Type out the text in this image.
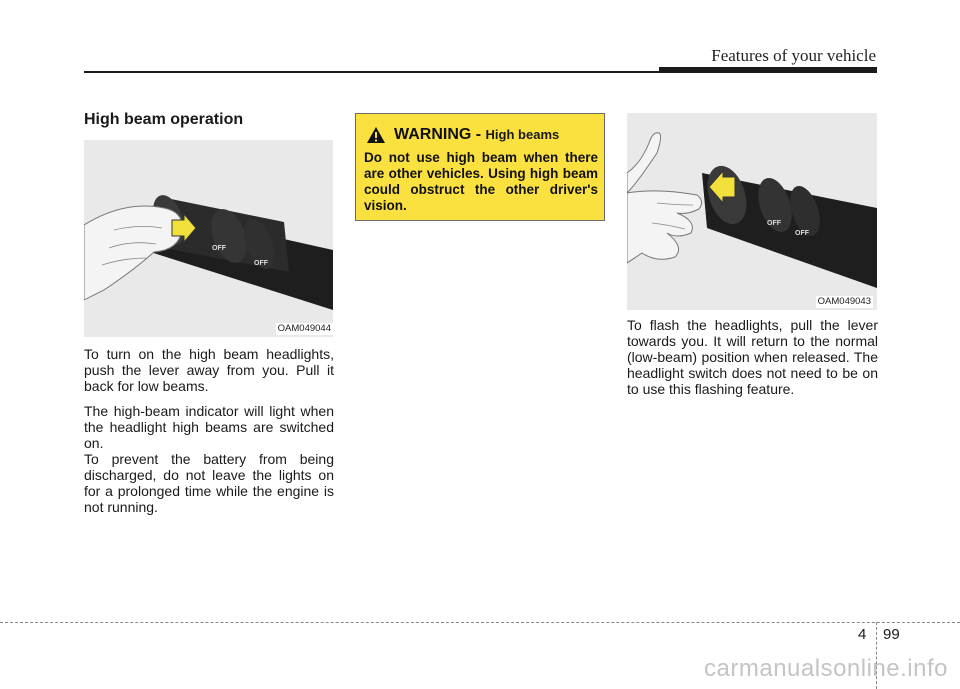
Features of your vehicle
High beam operation
OFF
OFF
OAM049044

To turn on the high beam headlights, push the lever away from you. Pull it back for low beams.

The high-beam indicator will light when the headlight high beams are switched on.

To prevent the battery from being discharged, do not leave the lights on for a prolonged time while the engine is not running.

WARNING - High beams

Do not use high beam when there are other vehicles. Using high beam could obstruct the other driver's vision.

OFF
OFF
OAM049043

To flash the headlights, pull the lever towards you. It will return to the normal (low-beam) position when released. The headlight switch does not need to be on to use this flashing feature.

4 99
carmanualsonline.info
